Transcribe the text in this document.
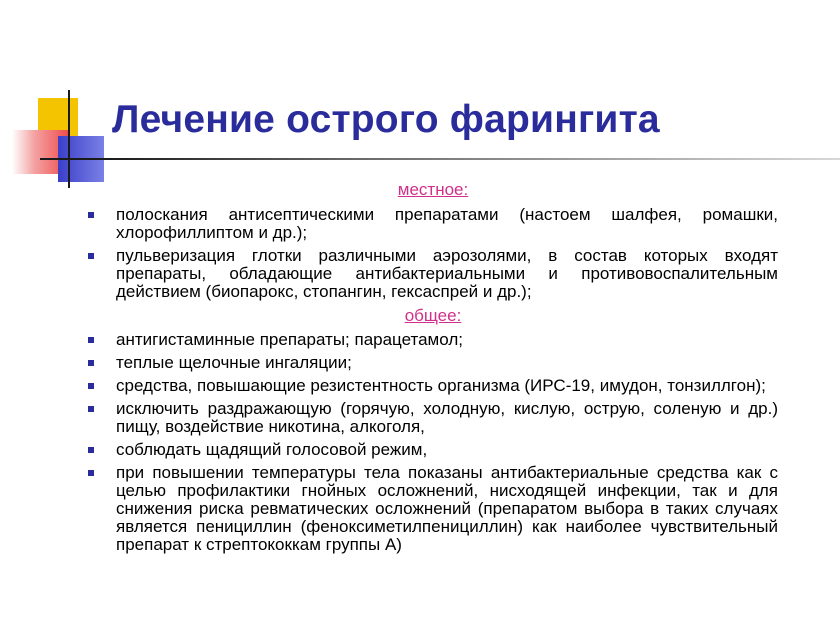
Лечение острого фарингита
местное:
полоскания антисептическими препаратами (настоем шалфея, ромашки, хлорофиллиптом и др.);
пульверизация глотки различными аэрозолями, в состав которых входят препараты, обладающие антибактериальными и противовоспалительным действием (биопарокс, стопангин, гексаспрей и др.);
общее:
антигистаминные препараты; парацетамол;
теплые щелочные ингаляции;
средства, повышающие резистентность организма (ИРС-19, имудон, тонзиллгон);
исключить раздражающую (горячую, холодную, кислую, острую, соленую и др.) пищу, воздействие никотина, алкоголя,
соблюдать щадящий голосовой режим,
при повышении температуры тела показаны антибактериальные средства как с целью профилактики гнойных осложнений, нисходящей инфекции, так и для снижения риска ревматических осложнений (препаратом выбора в таких случаях является пенициллин (феноксиметилпенициллин) как наиболее чувствительный препарат к стрептококкам группы А)
